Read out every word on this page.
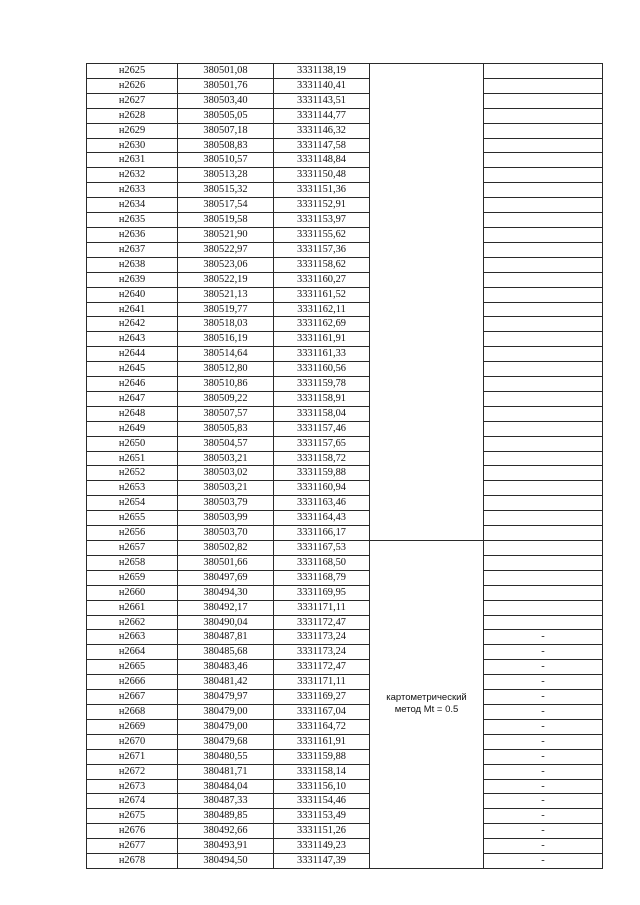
н2625	380501,08	3331138,19	

н2626	380501,76	3331140,41		
н2627	380503,40	3331143,51		
н2628	380505,05	3331144,77		
н2629	380507,18	3331146,32		
н2630	380508,83	3331147,58		
н2631	380510,57	3331148,84		
н2632	380513,28	3331150,48		
н2633	380515,32	3331151,36		
н2634	380517,54	3331152,91		
н2635	380519,58	3331153,97		
н2636	380521,90	3331155,62		
н2637	380522,97	3331157,36		
н2638	380523,06	3331158,62		
н2639	380522,19	3331160,27		
н2640	380521,13	3331161,52		
н2641	380519,77	3331162,11		
н2642	380518,03	3331162,69		
н2643	380516,19	3331161,91		
н2644	380514,64	3331161,33		
н2645	380512,80	3331160,56		
н2646	380510,86	3331159,78		
н2647	380509,22	3331158,91		
н2648	380507,57	3331158,04		
н2649	380505,83	3331157,46		
н2650	380504,57	3331157,65		
н2651	380503,21	3331158,72		
н2652	380503,02	3331159,88		
н2653	380503,21	3331160,94		
н2654	380503,79	3331163,46		
н2655	380503,99	3331164,43		
н2656	380503,70	3331166,17		
н2657	380502,82	3331167,53	картометрический
метод Mt = 0.5	

н2658	380501,66	3331168,50		
н2659	380497,69	3331168,79		
н2660	380494,30	3331169,95		
н2661	380492,17	3331171,11		
н2662	380490,04	3331172,47		
н2663	380487,81	3331173,24		-
н2664	380485,68	3331173,24		-
н2665	380483,46	3331172,47		-
н2666	380481,42	3331171,11		-
н2667	380479,97	3331169,27		-
н2668	380479,00	3331167,04		-
н2669	380479,00	3331164,72		-
н2670	380479,68	3331161,91		-
н2671	380480,55	3331159,88		-
н2672	380481,71	3331158,14		-
н2673	380484,04	3331156,10		-
н2674	380487,33	3331154,46		-
н2675	380489,85	3331153,49		-
н2676	380492,66	3331151,26		-
н2677	380493,91	3331149,23		-
н2678	380494,50	3331147,39		-
